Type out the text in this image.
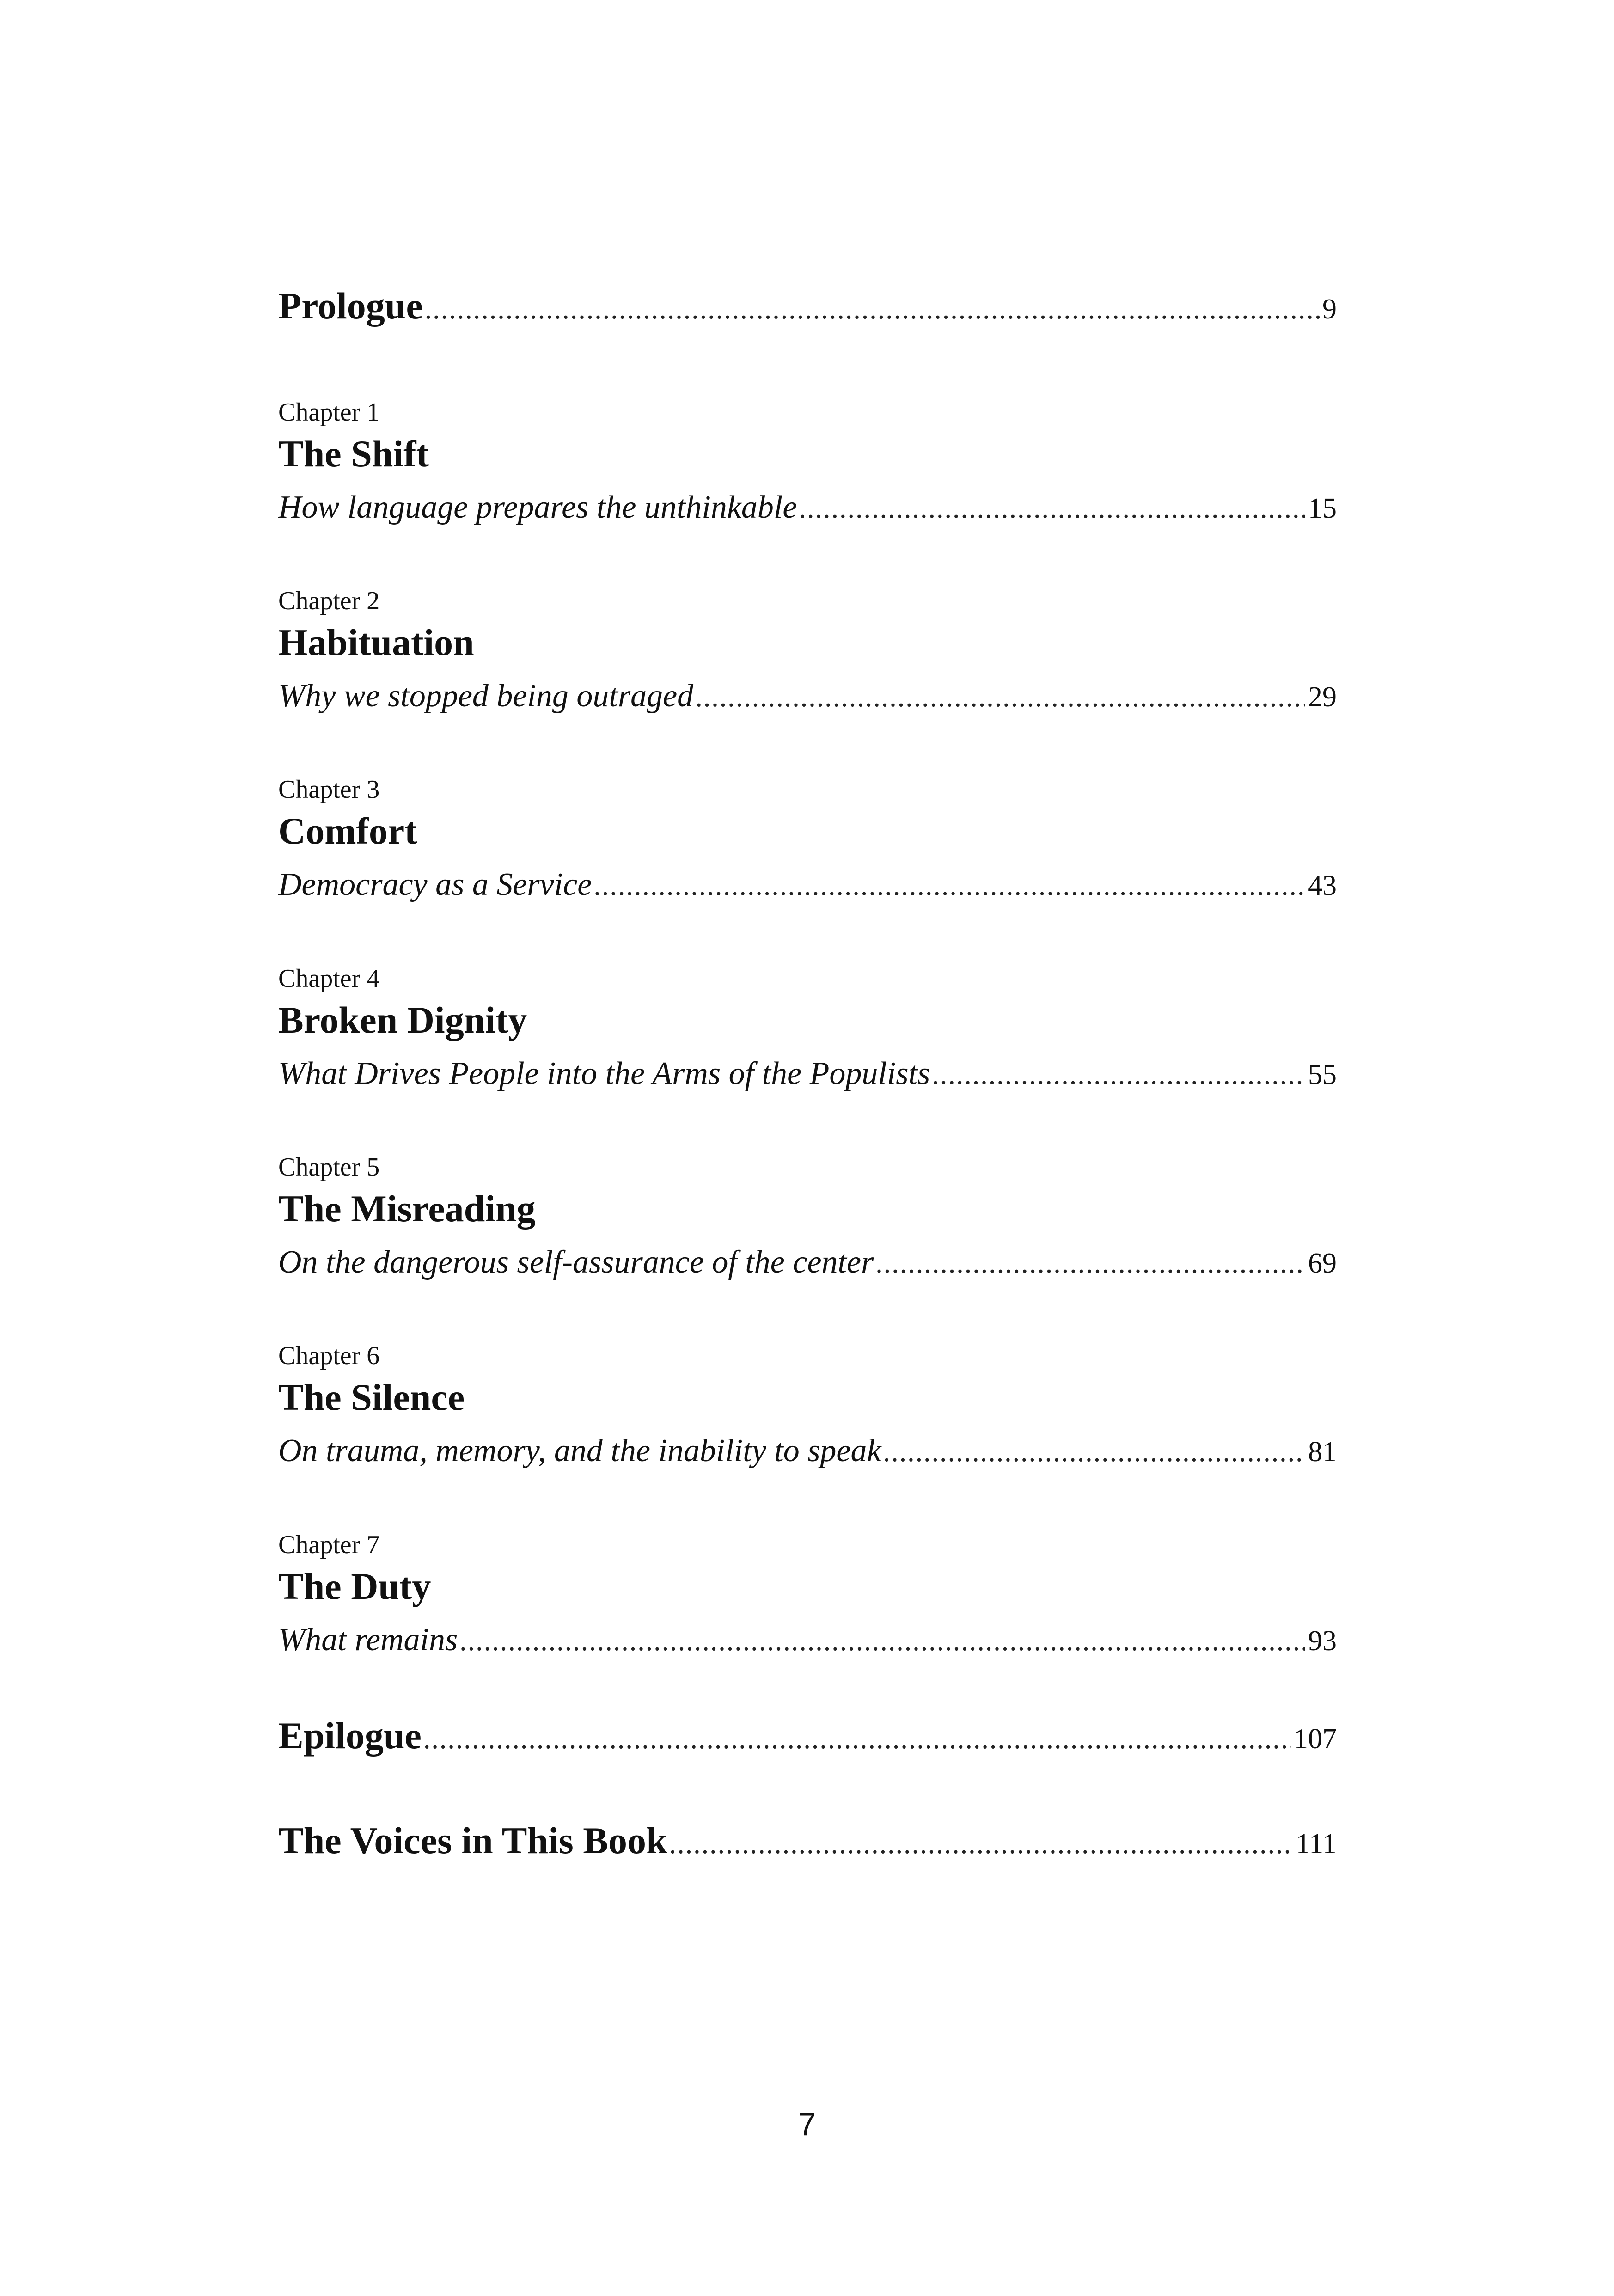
Prologue .....	9
Chapter 1
The Shift
How language prepares the unthinkable .....	15
Chapter 2
Habituation
Why we stopped being outraged .....	29
Chapter 3
Comfort
Democracy as a Service .....	43
Chapter 4
Broken Dignity
What Drives People into the Arms of the Populists .....	55
Chapter 5
The Misreading
On the dangerous self-assurance of the center .....	69
Chapter 6
The Silence
On trauma, memory, and the inability to speak .....	81
Chapter 7
The Duty
What remains .....	93
Epilogue .....	107
The Voices in This Book .....	111
7
